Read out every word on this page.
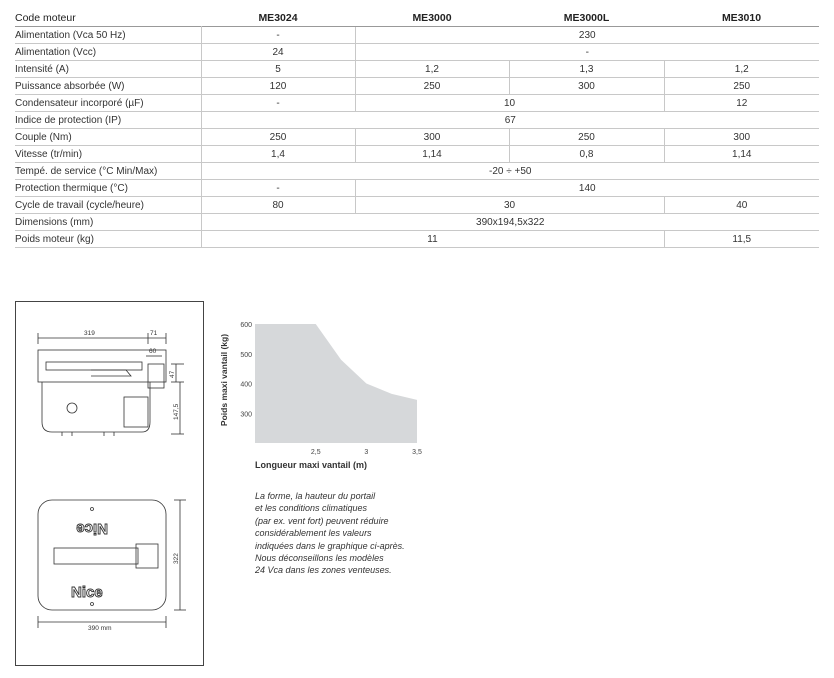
Code moteur	ME3024	ME3000	ME3000L	ME3010
Alimentation (Vca 50 Hz)	-	230		
Alimentation (Vcc)	24	-		
Intensité (A)	5	1,2	1,3	1,2
Puissance absorbée (W)	120	250	300	250
Condensateur incorporé (µF)	-	10		12
Indice de protection (IP)	67			
Couple (Nm)	250	300	250	300
Vitesse (tr/min)	1,4	1,14	0,8	1,14
Tempé. de service (°C Min/Max)	-20 ÷ +50			
Protection thermique (°C)	-	140		
Cycle de travail (cycle/heure)	80	30		40
Dimensions (mm)	390x194,5x322			
Poids moteur (kg)	11			11,5
319	71
60
47
147,5
322
390 mm
Nice
Nice
600
500
400
300
2,5	3	3,5
Poids maxi vantail (kg)
Longueur maxi vantail (m)

La forme, la hauteur du portail
et les conditions climatiques
(par ex. vent fort) peuvent réduire
considérablement les valeurs
indiquées dans le graphique ci-après.
Nous déconseillons les modèles
24 Vca dans les zones venteuses.
